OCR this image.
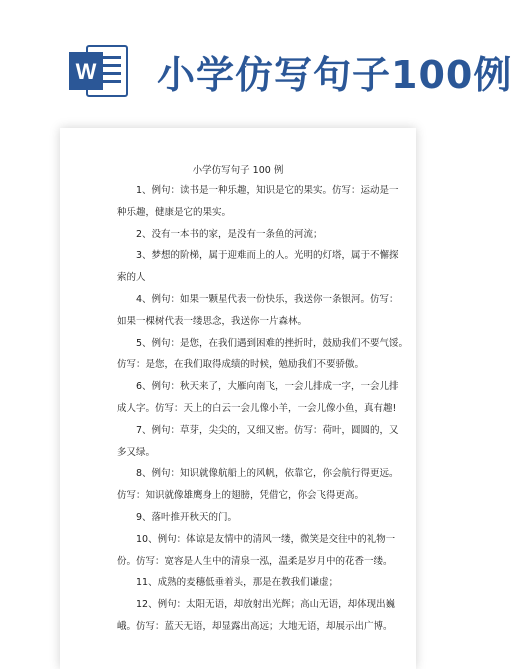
W 小学仿写句子100例
小学仿写句子 100 例
1、例句：读书是一种乐趣，知识是它的果实。仿写：运动是一
种乐趣，健康是它的果实。
2、没有一本书的家，是没有一条鱼的河流；
3、梦想的阶梯，属于迎难而上的人。光明的灯塔，属于不懈探
索的人
4、例句：如果一颗星代表一份快乐，我送你一条银河。仿写：
如果一棵树代表一缕思念，我送你一片森林。
5、例句：是您，在我们遇到困难的挫折时，鼓励我们不要气馁。
仿写：是您，在我们取得成绩的时候，勉励我们不要骄傲。
6、例句：秋天来了，大雁向南飞，一会儿排成一字，一会儿排
成人字。仿写：天上的白云一会儿像小羊，一会儿像小鱼，真有趣!
7、例句：草芽，尖尖的，又细又密。仿写：荷叶，圆圆的，又
多又绿。
8、例句：知识就像航船上的风帆，依靠它，你会航行得更远。
仿写：知识就像雄鹰身上的翅膀，凭借它，你会飞得更高。
9、落叶推开秋天的门。
10、例句：体谅是友情中的清风一缕，微笑是交往中的礼物一
份。仿写：宽容是人生中的清泉一泓，温柔是岁月中的花香一缕。
11、成熟的麦穗低垂着头，那是在教我们谦虚；
12、例句：太阳无语，却放射出光辉；高山无语，却体现出巍
峨。仿写：蓝天无语，却显露出高远；大地无语，却展示出广博。
